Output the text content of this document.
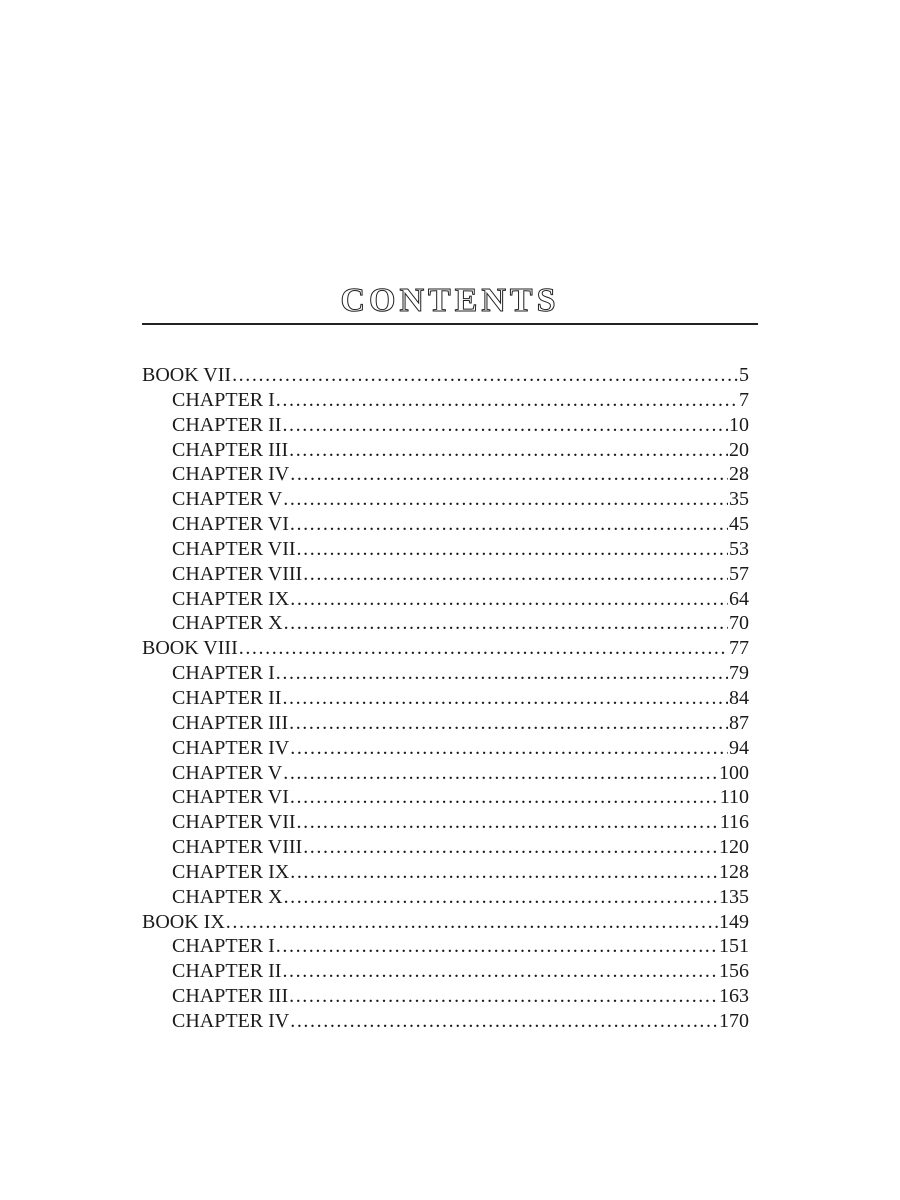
CONTENTS
BOOK VII .....	5
CHAPTER I .....	7
CHAPTER II .....	10
CHAPTER III .....	20
CHAPTER IV .....	28
CHAPTER V .....	35
CHAPTER VI .....	45
CHAPTER VII .....	53
CHAPTER VIII .....	57
CHAPTER IX .....	64
CHAPTER X .....	70
BOOK VIII .....	77
CHAPTER I .....	79
CHAPTER II .....	84
CHAPTER III .....	87
CHAPTER IV .....	94
CHAPTER V .....	100
CHAPTER VI .....	110
CHAPTER VII .....	116
CHAPTER VIII .....	120
CHAPTER IX .....	128
CHAPTER X .....	135
BOOK IX .....	149
CHAPTER I .....	151
CHAPTER II .....	156
CHAPTER III .....	163
CHAPTER IV .....	170
